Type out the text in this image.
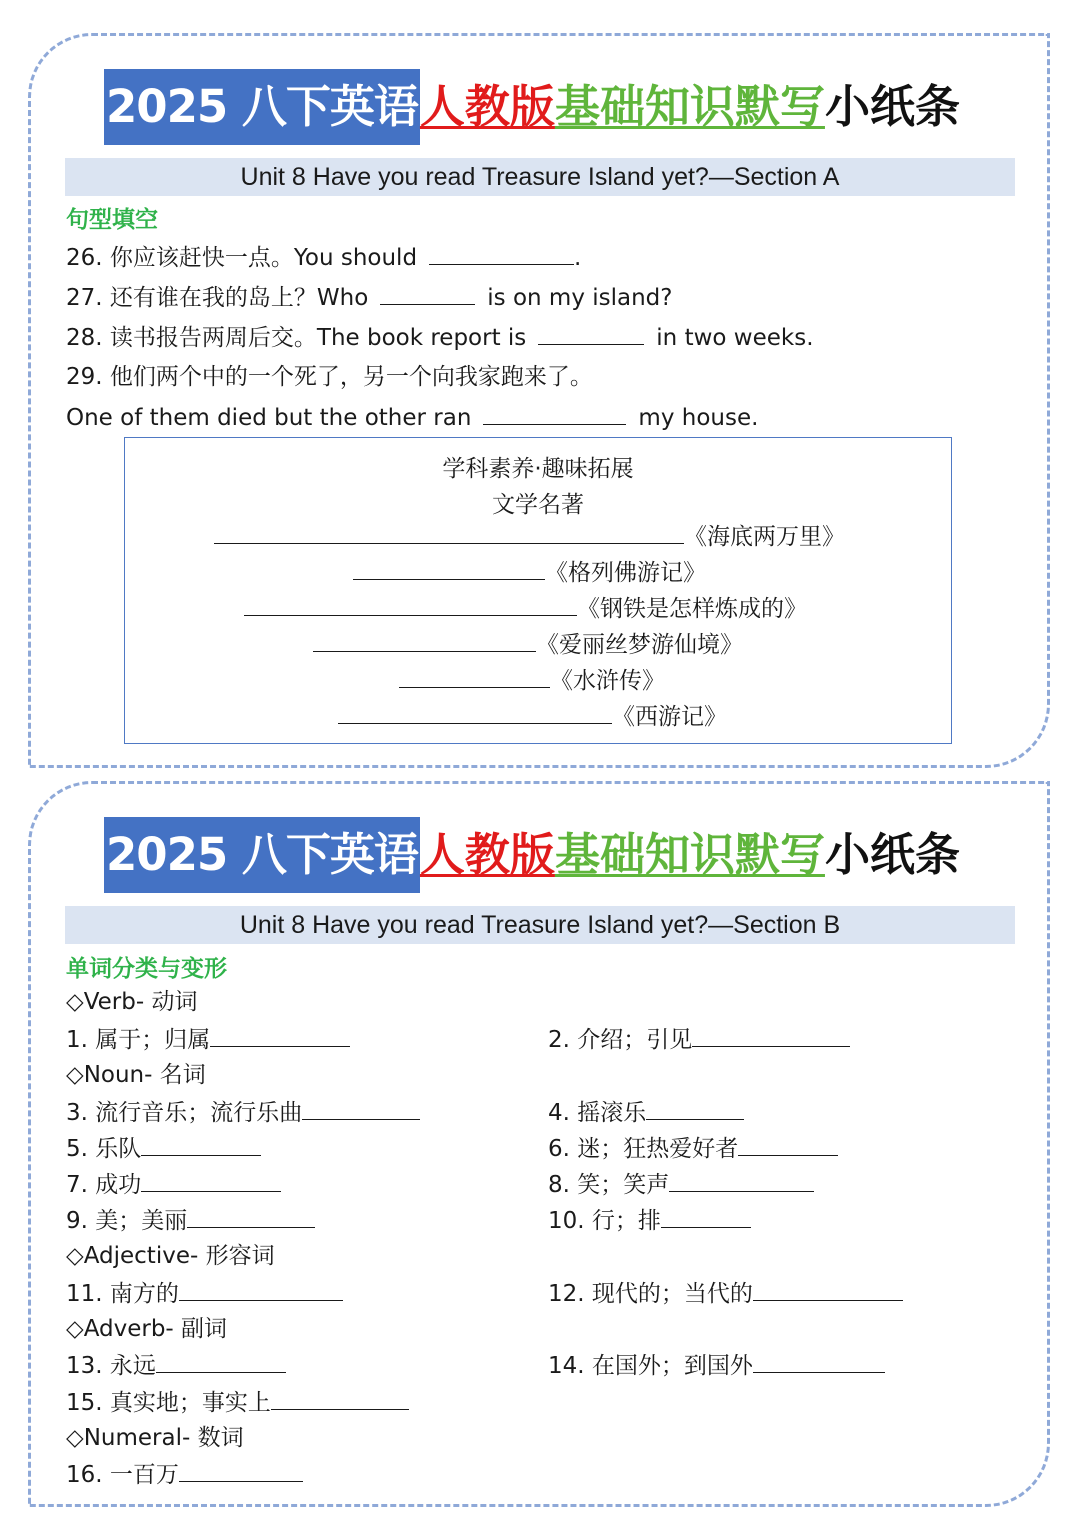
2025 八下英语 人教版 基础知识默写 小纸条
Unit 8 Have you read Treasure Island yet?—Section A
句型填空
26. 你应该赶快一点。You should	.
27. 还有谁在我的岛上？Who	is on my island?
28. 读书报告两周后交。The book report is	in two weeks.
29. 他们两个中的一个死了，另一个向我家跑来了。
One of them died but the other ran	my house.
学科素养·趣味拓展
文学名著
《海底两万里》
《格列佛游记》
《钢铁是怎样炼成的》
《爱丽丝梦游仙境》
《水浒传》
《西游记》
2025 八下英语 人教版 基础知识默写 小纸条
Unit 8 Have you read Treasure Island yet?—Section B
单词分类与变形
◇Verb- 动词
1. 属于；归属	2. 介绍；引见
◇Noun- 名词
3. 流行音乐；流行乐曲	4. 摇滚乐
5. 乐队	6. 迷；狂热爱好者
7. 成功	8. 笑；笑声
9. 美；美丽	10. 行；排
◇Adjective- 形容词
11. 南方的	12. 现代的；当代的
◇Adverb- 副词
13. 永远	14. 在国外；到国外
15. 真实地；事实上
◇Numeral- 数词
16. 一百万
